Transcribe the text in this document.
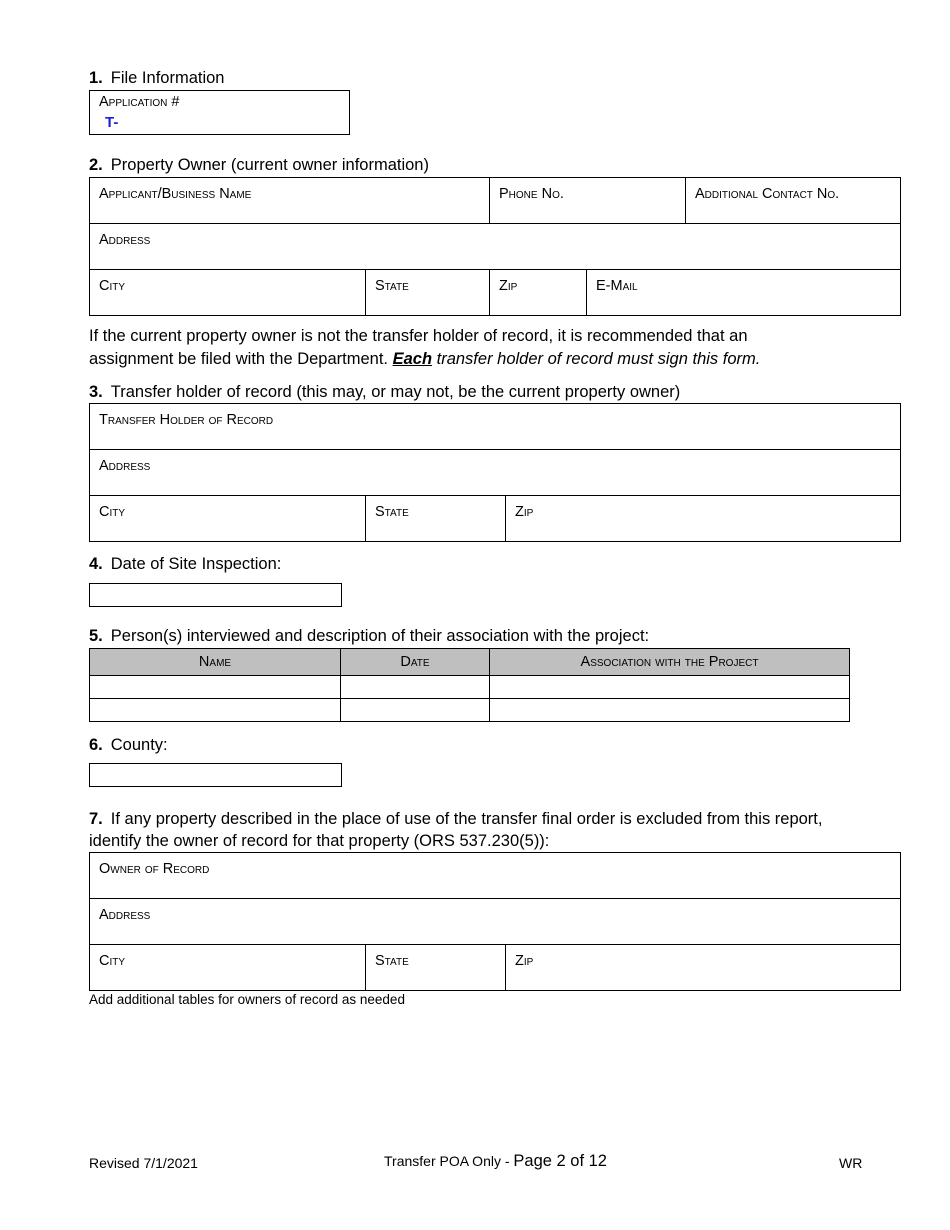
1. File Information
Application #
T-
2. Property Owner (current owner information)
Applicant/Business Name		Phone No.		Additional Contact No.

Address				

City	State	Zip	E-Mail	
If the current property owner is not the transfer holder of record, it is recommended that an assignment be filed with the Department. Each transfer holder of record must sign this form.
3. Transfer holder of record (this may, or may not, be the current property owner)
Transfer Holder of Record

Address

City	State	Zip
4. Date of Site Inspection:
5. Person(s) interviewed and description of their association with the project:
Name	Date	Association with the Project

6. County:
7. If any property described in the place of use of the transfer final order is excluded from this report, identify the owner of record for that property (ORS 537.230(5)):
Owner of Record

Address

City	State	Zip
Add additional tables for owners of record as needed
Revised 7/1/2021	Transfer POA Only - Page 2 of 12	WR
